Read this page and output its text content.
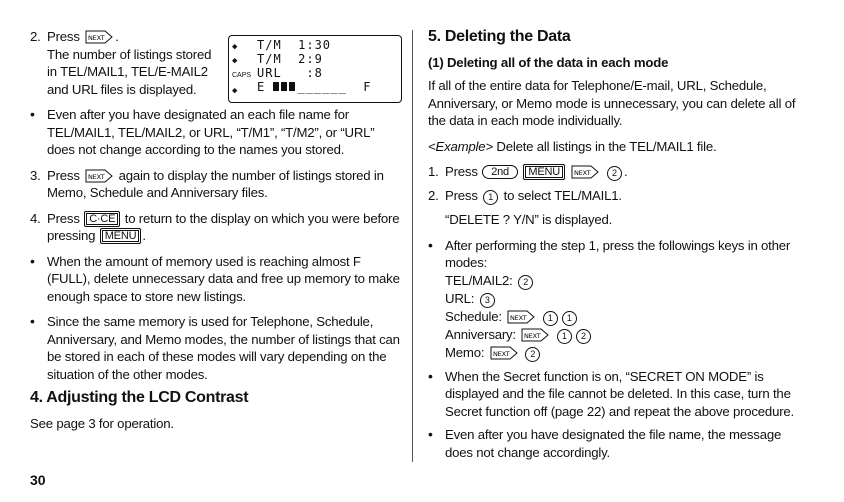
2. Press NEXT .
The number of listings stored in TEL/MAIL1, TEL/E-MAIL2 and URL files is displayed.
• Even after you have designated an each file name for TEL/MAIL1, TEL/MAIL2, or URL, “T/M1”, “T/M2”, or “URL” does not change according to the names you stored.
3. Press NEXT again to display the number of listings stored in Memo, Schedule and Anniversary files.
4. Press C·CE to return to the display on which you were before pressing MENU .
• When the amount of memory used is reaching almost F (FULL), delete unnecessary data and free up memory to make enough space to store new listings.
• Since the same memory is used for Telephone, Schedule, Anniversary, and Memo modes, the number of listings that can be stored in each of these modes will vary depending on the situation of the other modes.
4. Adjusting the LCD Contrast
See page 3 for operation.
◆ T/M  1:30
◆ T/M  2:9
CAPS URL   :8
◆ E	______ F
5. Deleting the Data
(1) Deleting all of the data in each mode
If all of the entire data for Telephone/E-mail, URL, Schedule, Anniversary, or Memo mode is unnecessary, you can delete all of the data in each mode individually.
<Example> Delete all listings in the TEL/MAIL1 file.
1. Press 2nd MENU NEXT 2 .
2. Press 1 to select TEL/MAIL1.
“DELETE ? Y/N” is displayed.
• After performing the step 1, press the followings keys in other modes:
TEL/MAIL2: 2
URL: 3
Schedule: NEXT 1 1
Anniversary: NEXT 1 2
Memo: NEXT 2
• When the Secret function is on, “SECRET ON MODE” is displayed and the file cannot be deleted. In this case, turn the Secret function off (page 22) and repeat the above procedure.
• Even after you have designated the file name, the message does not change accordingly.
30
